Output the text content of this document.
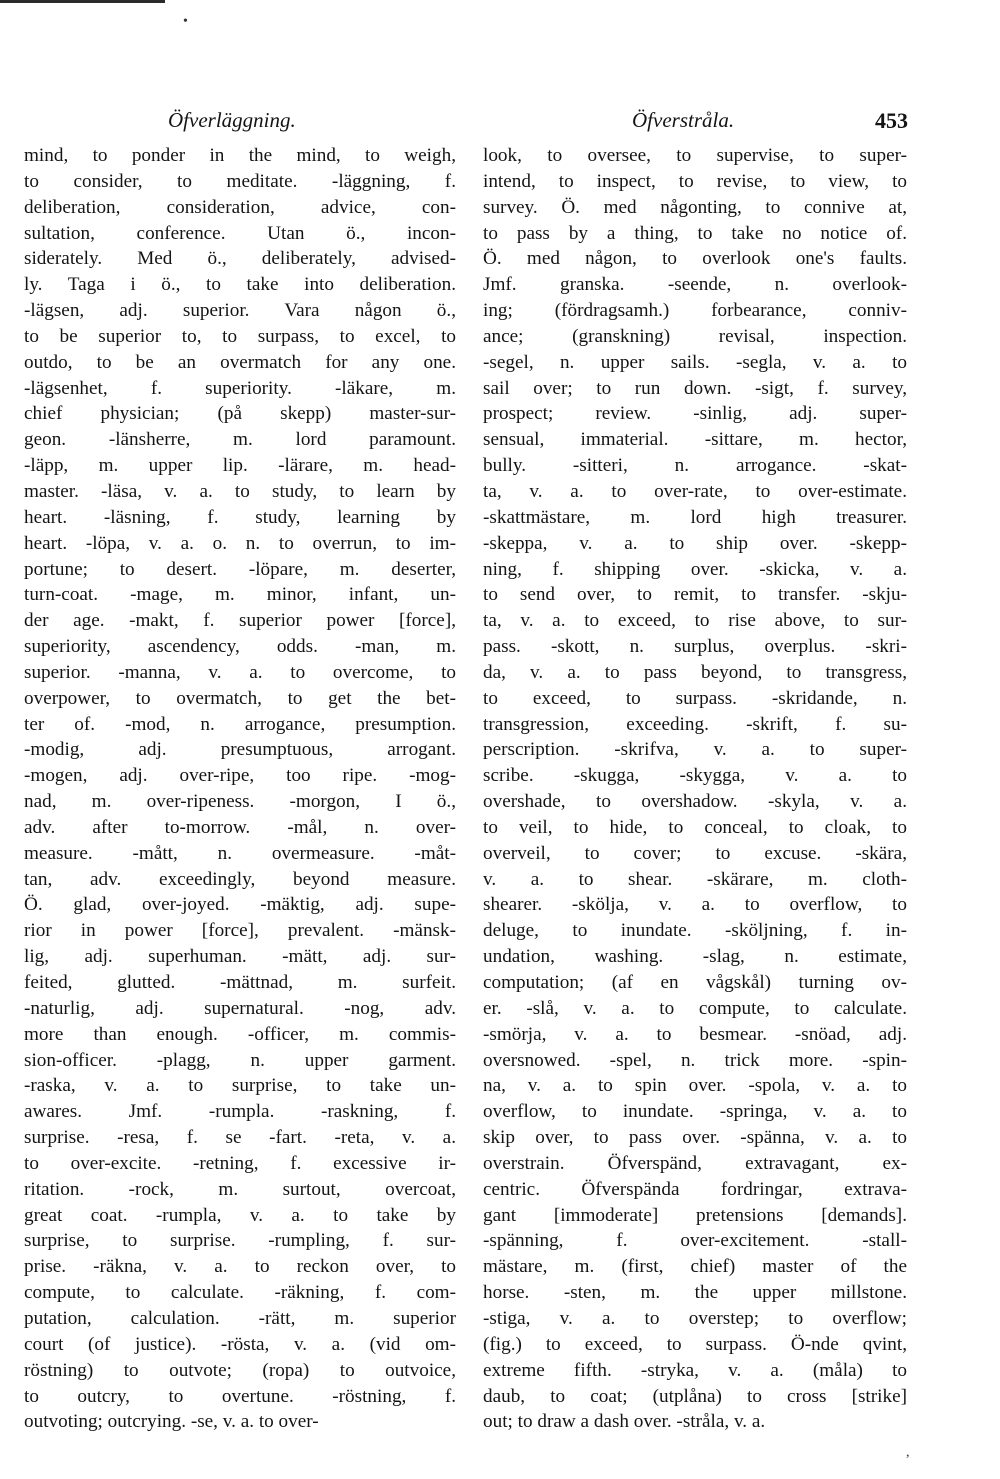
Öfverläggning.	Öfverstråla.	453
mind, to ponder in the mind, to weigh,
to consider, to meditate. -läggning, f.
deliberation, consideration, advice, con-
sultation, conference. Utan ö., incon-
siderately. Med ö., deliberately, advised-
ly. Taga i ö., to take into deliberation.
-lägsen, adj. superior. Vara någon ö.,
to be superior to, to surpass, to excel, to
outdo, to be an overmatch for any one.
-lägsenhet, f. superiority. -läkare, m.
chief physician; (på skepp) master-sur-
geon. -länsherre, m. lord paramount.
-läpp, m. upper lip. -lärare, m. head-
master. -läsa, v. a. to study, to learn by
heart. -läsning, f. study, learning by
heart. -löpa, v. a. o. n. to overrun, to im-
portune; to desert. -löpare, m. deserter,
turn-coat. -mage, m. minor, infant, un-
der age. -makt, f. superior power [force],
superiority, ascendency, odds. -man, m.
superior. -manna, v. a. to overcome, to
overpower, to overmatch, to get the bet-
ter of. -mod, n. arrogance, presumption.
-modig, adj. presumptuous, arrogant.
-mogen, adj. over-ripe, too ripe. -mog-
nad, m. over-ripeness. -morgon, I ö.,
adv. after to-morrow. -mål, n. over-
measure. -mått, n. overmeasure. -måt-
tan, adv. exceedingly, beyond measure.
Ö. glad, over-joyed. -mäktig, adj. supe-
rior in power [force], prevalent. -mänsk-
lig, adj. superhuman. -mätt, adj. sur-
feited, glutted. -mättnad, m. surfeit.
-naturlig, adj. supernatural. -nog, adv.
more than enough. -officer, m. commis-
sion-officer. -plagg, n. upper garment.
-raska, v. a. to surprise, to take un-
awares. Jmf. -rumpla. -raskning, f.
surprise. -resa, f. se -fart. -reta, v. a.
to over-excite. -retning, f. excessive ir-
ritation. -rock, m. surtout, overcoat,
great coat. -rumpla, v. a. to take by
surprise, to surprise. -rumpling, f. sur-
prise. -räkna, v. a. to reckon over, to
compute, to calculate. -räkning, f. com-
putation, calculation. -rätt, m. superior
court (of justice). -rösta, v. a. (vid om-
röstning) to outvote; (ropa) to outvoice,
to outcry, to overtune. -röstning, f.
outvoting; outcrying. -se, v. a. to over-
look, to oversee, to supervise, to super-
intend, to inspect, to revise, to view, to
survey. Ö. med någonting, to connive at,
to pass by a thing, to take no notice of.
Ö. med någon, to overlook one's faults.
Jmf. granska. -seende, n. overlook-
ing; (fördragsamh.) forbearance, conniv-
ance; (granskning) revisal, inspection.
-segel, n. upper sails. -segla, v. a. to
sail over; to run down. -sigt, f. survey,
prospect; review. -sinlig, adj. super-
sensual, immaterial. -sittare, m. hector,
bully. -sitteri, n. arrogance. -skat-
ta, v. a. to over-rate, to over-estimate.
-skattmästare, m. lord high treasurer.
-skeppa, v. a. to ship over. -skepp-
ning, f. shipping over. -skicka, v. a.
to send over, to remit, to transfer. -skju-
ta, v. a. to exceed, to rise above, to sur-
pass. -skott, n. surplus, overplus. -skri-
da, v. a. to pass beyond, to transgress,
to exceed, to surpass. -skridande, n.
transgression, exceeding. -skrift, f. su-
perscription. -skrifva, v. a. to super-
scribe. -skugga, -skygga, v. a. to
overshade, to overshadow. -skyla, v. a.
to veil, to hide, to conceal, to cloak, to
overveil, to cover; to excuse. -skära,
v. a. to shear. -skärare, m. cloth-
shearer. -skölja, v. a. to overflow, to
deluge, to inundate. -sköljning, f. in-
undation, washing. -slag, n. estimate,
computation; (af en vågskål) turning ov-
er. -slå, v. a. to compute, to calculate.
-smörja, v. a. to besmear. -snöad, adj.
oversnowed. -spel, n. trick more. -spin-
na, v. a. to spin over. -spola, v. a. to
overflow, to inundate. -springa, v. a. to
skip over, to pass over. -spänna, v. a. to
overstrain. Öfverspänd, extravagant, ex-
centric. Öfverspända fordringar, extrava-
gant [immoderate] pretensions [demands].
-spänning, f. over-excitement. -stall-
mästare, m. (first, chief) master of the
horse. -sten, m. the upper millstone.
-stiga, v. a. to overstep; to overflow;
(fig.) to exceed, to surpass. Ö-nde qvint,
extreme fifth. -stryka, v. a. (måla) to
daub, to coat; (utplåna) to cross [strike]
out; to draw a dash over. -stråla, v. a.
•
,
